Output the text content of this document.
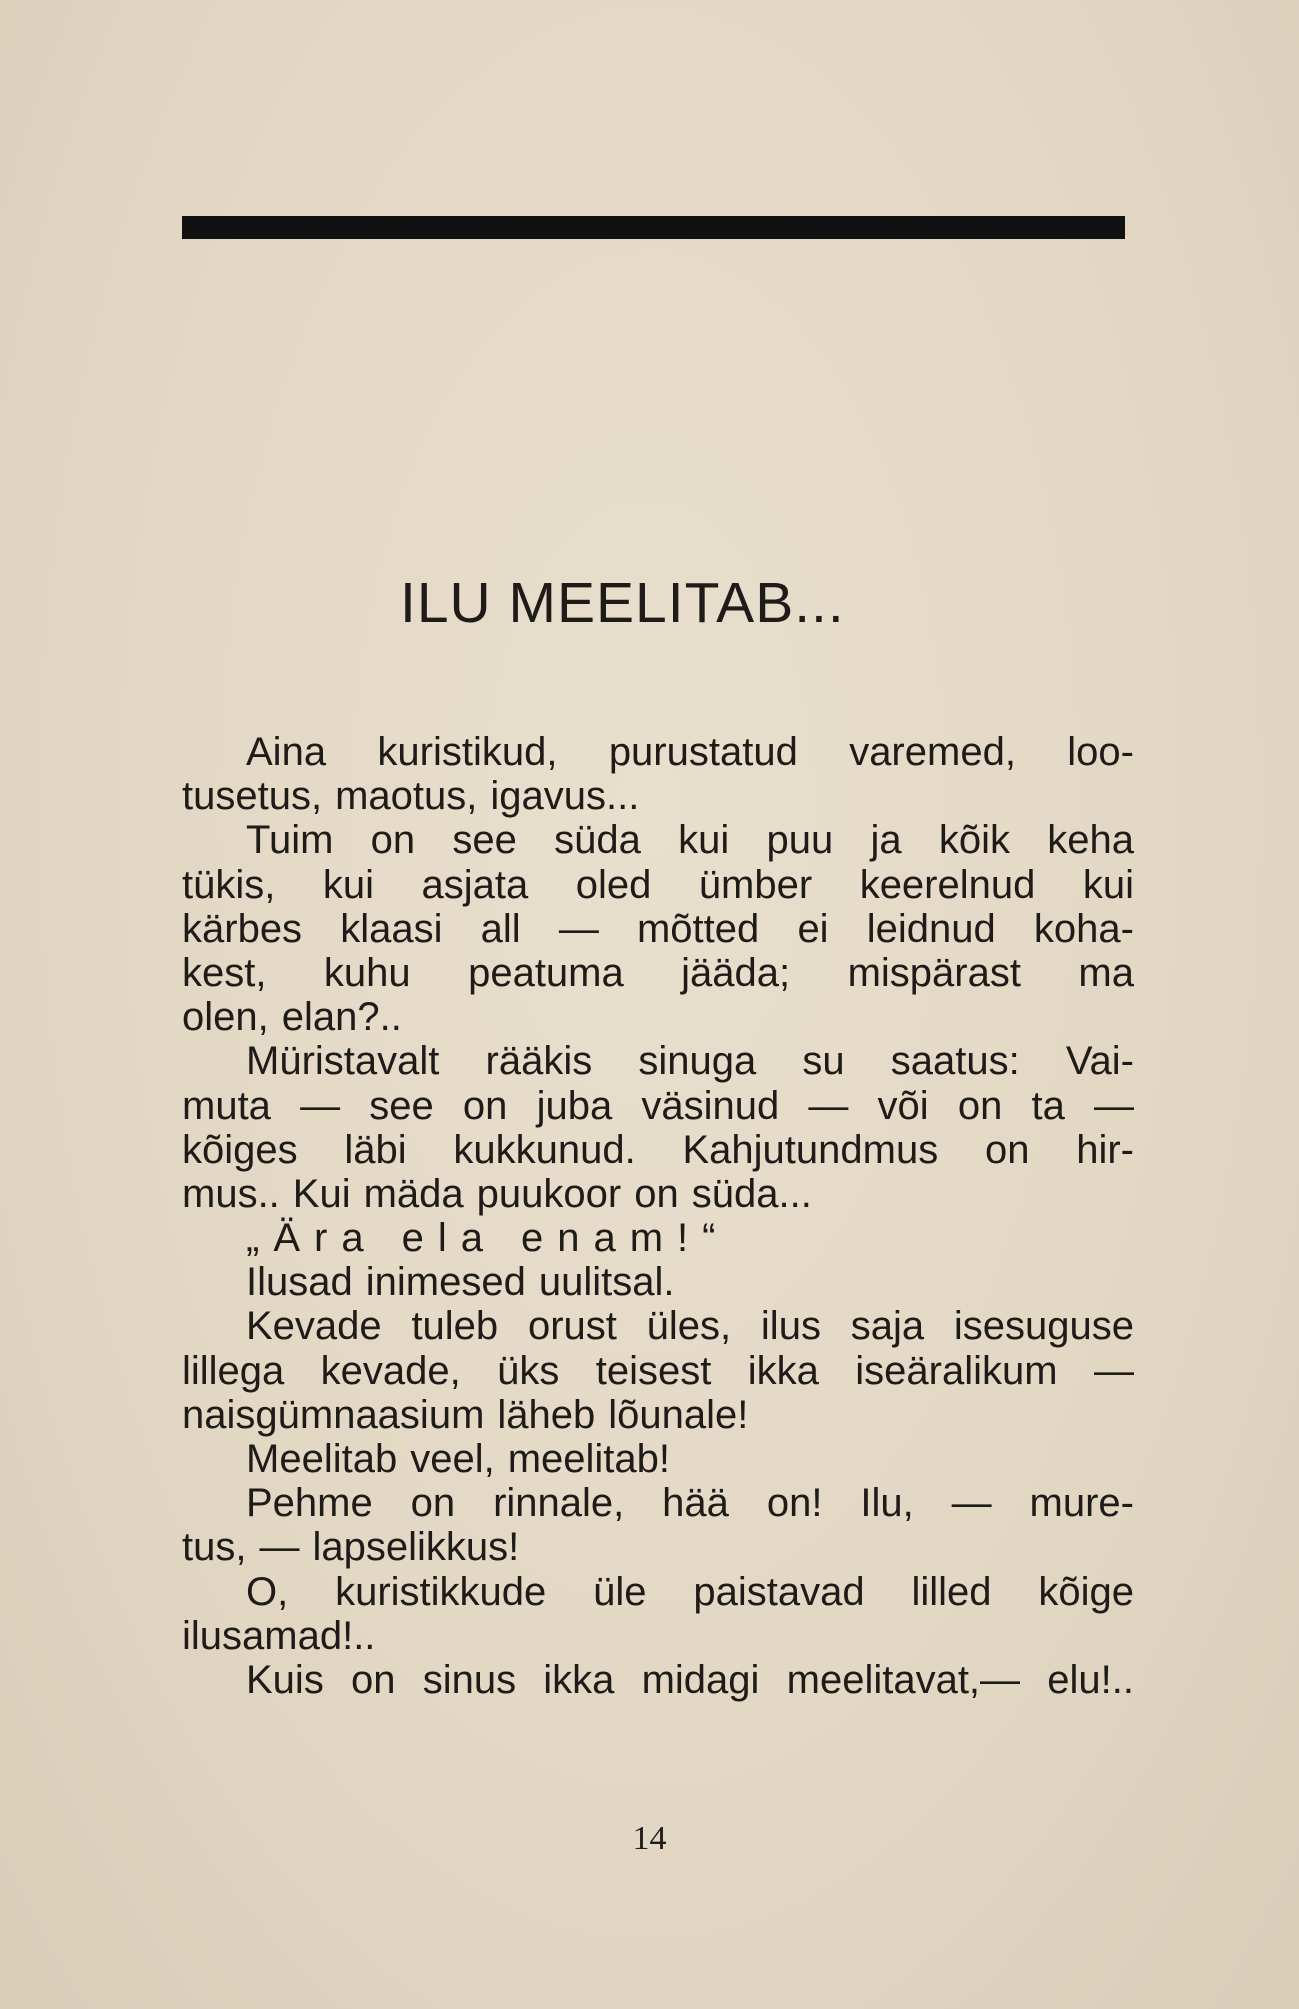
ILU MEELITAB...
Aina kuristikud, purustatud varemed, loo-
tusetus, maotus, igavus...
Tuim on see süda kui puu ja kõik keha
tükis, kui asjata oled ümber keerelnud kui
kärbes klaasi all — mõtted ei leidnud koha-
kest, kuhu peatuma jääda; mispärast ma
olen, elan?..
Müristavalt rääkis sinuga su saatus: Vai-
muta — see on juba väsinud — või on ta —
kõiges läbi kukkunud. Kahjutundmus on hir-
mus.. Kui mäda puukoor on süda...
„Ära ela enam!“
Ilusad inimesed uulitsal.
Kevade tuleb orust üles, ilus saja isesuguse
lillega kevade, üks teisest ikka iseäralikum —
naisgümnaasium läheb lõunale!
Meelitab veel, meelitab!
Pehme on rinnale, hää on! Ilu, — mure-
tus, — lapselikkus!
O, kuristikkude üle paistavad lilled kõige
ilusamad!..
Kuis on sinus ikka midagi meelitavat,— elu!..
14
